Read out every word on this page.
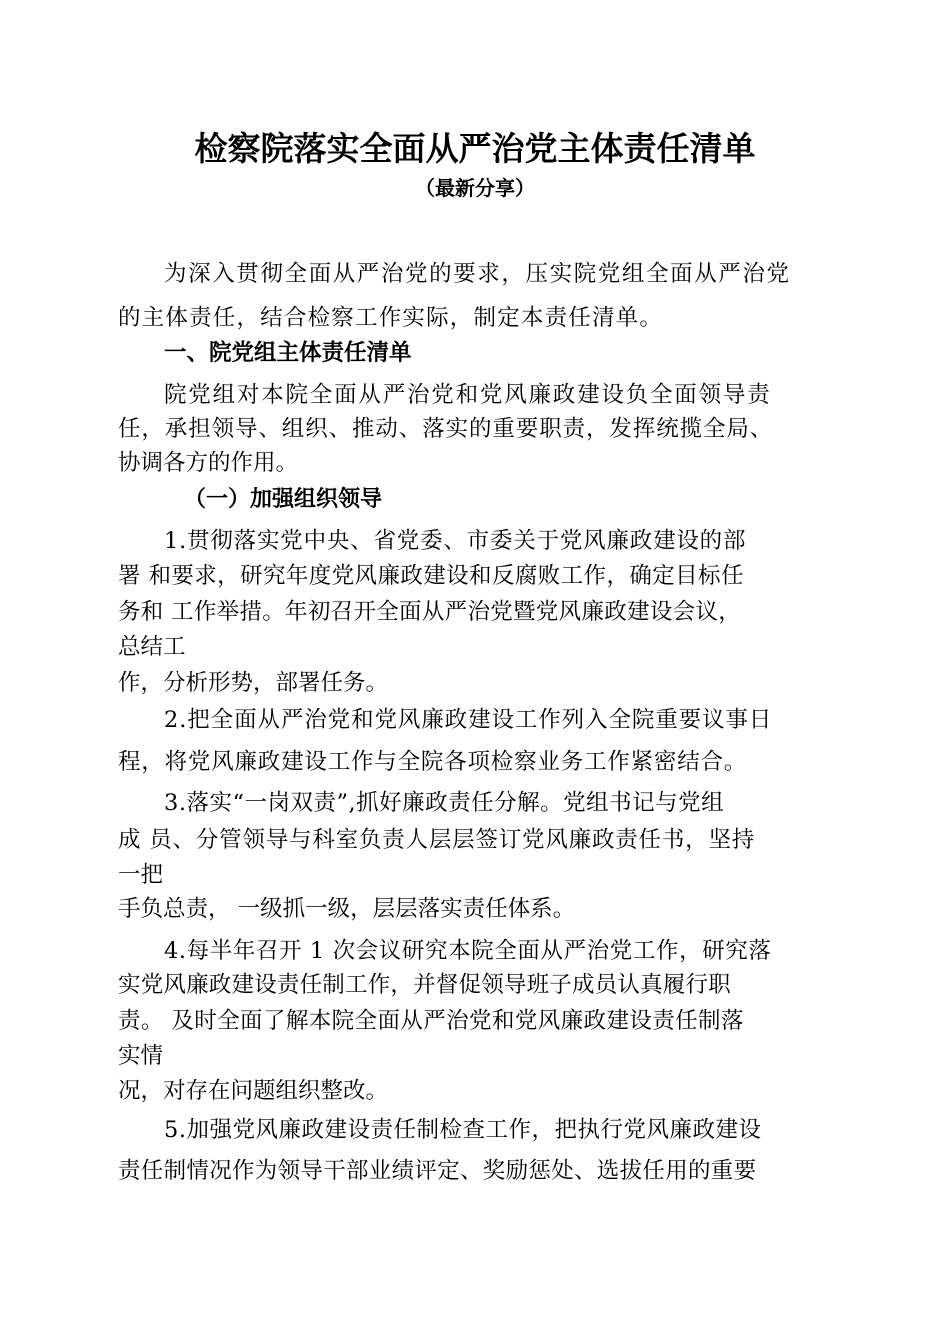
检察院落实全面从严治党主体责任清单
（最新分享）
为深入贯彻全面从严治党的要求，压实院党组全面从严治党
的主体责任，结合检察工作实际，制定本责任清单。
一、院党组主体责任清单
院党组对本院全面从严治党和党风廉政建设负全面领导责
任，承担领导、组织、推动、落实的重要职责，发挥统揽全局、
协调各方的作用。
（一）加强组织领导
1.贯彻落实党中央、省党委、市委关于党风廉政建设的部
署 和要求，研究年度党风廉政建设和反腐败工作，确定目标任
务和 工作举措。年初召开全面从严治党暨党风廉政建设会议，
总结工
作，分析形势，部署任务。
2.把全面从严治党和党风廉政建设工作列入全院重要议事日
程，将党风廉政建设工作与全院各项检察业务工作紧密结合。
3.落实“一岗双责”,抓好廉政责任分解。党组书记与党组
成 员、分管领导与科室负责人层层签订党风廉政责任书，坚持
一把
手负总责， 一级抓一级，层层落实责任体系。
4.每半年召开 1 次会议研究本院全面从严治党工作，研究落
实党风廉政建设责任制工作，并督促领导班子成员认真履行职
责。 及时全面了解本院全面从严治党和党风廉政建设责任制落
实情
况，对存在问题组织整改。
5.加强党风廉政建设责任制检查工作，把执行党风廉政建设
责任制情况作为领导干部业绩评定、奖励惩处、选拔任用的重要
